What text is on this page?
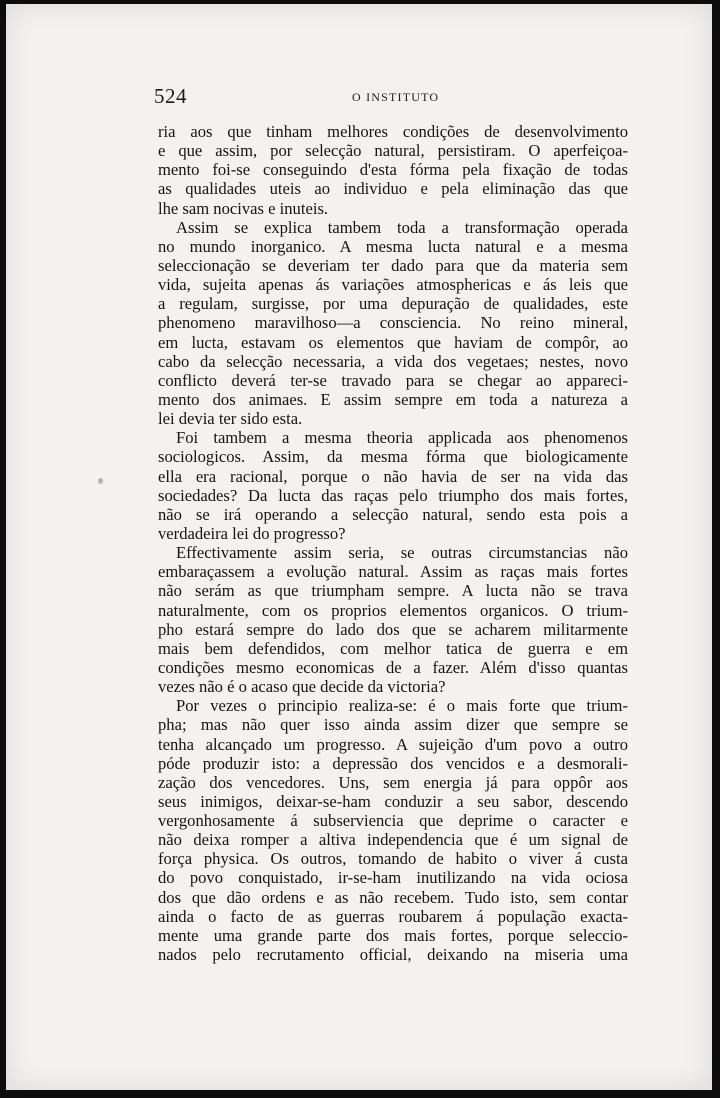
524	O INSTITUTO
ria aos que tinham melhores condições de desenvolvimento
e que assim, por selecção natural, persistiram. O aperfeiçoa-
mento foi-se conseguindo d'esta fórma pela fixação de todas
as qualidades uteis ao individuo e pela eliminação das que
lhe sam nocivas e inuteis.
Assim se explica tambem toda a transformação operada
no mundo inorganico. A mesma lucta natural e a mesma
seleccionação se deveriam ter dado para que da materia sem
vida, sujeita apenas ás variações atmosphericas e ás leis que
a regulam, surgisse, por uma depuração de qualidades, este
phenomeno maravilhoso—a consciencia. No reino mineral,
em lucta, estavam os elementos que haviam de compôr, ao
cabo da selecção necessaria, a vida dos vegetaes; nestes, novo
conflicto deverá ter-se travado para se chegar ao appareci-
mento dos animaes. E assim sempre em toda a natureza a
lei devia ter sido esta.
Foi tambem a mesma theoria applicada aos phenomenos
sociologicos. Assim, da mesma fórma que biologicamente
ella era racional, porque o não havia de ser na vida das
sociedades? Da lucta das raças pelo triumpho dos mais fortes,
não se irá operando a selecção natural, sendo esta pois a
verdadeira lei do progresso?
Effectivamente assim seria, se outras circumstancias não
embaraçassem a evolução natural. Assim as raças mais fortes
não serám as que triumpham sempre. A lucta não se trava
naturalmente, com os proprios elementos organicos. O trium-
pho estará sempre do lado dos que se acharem militarmente
mais bem defendidos, com melhor tatica de guerra e em
condições mesmo economicas de a fazer. Além d'isso quantas
vezes não é o acaso que decide da victoria?
Por vezes o principio realiza-se: é o mais forte que trium-
pha; mas não quer isso ainda assim dizer que sempre se
tenha alcançado um progresso. A sujeição d'um povo a outro
póde produzir isto: a depressão dos vencidos e a desmorali-
zação dos vencedores. Uns, sem energia já para oppôr aos
seus inimigos, deixar-se-ham conduzir a seu sabor, descendo
vergonhosamente á subserviencia que deprime o caracter e
não deixa romper a altiva independencia que é um signal de
força physica. Os outros, tomando de habito o viver á custa
do povo conquistado, ir-se-ham inutilizando na vida ociosa
dos que dão ordens e as não recebem. Tudo isto, sem contar
ainda o facto de as guerras roubarem á população exacta-
mente uma grande parte dos mais fortes, porque seleccio-
nados pelo recrutamento official, deixando na miseria uma
